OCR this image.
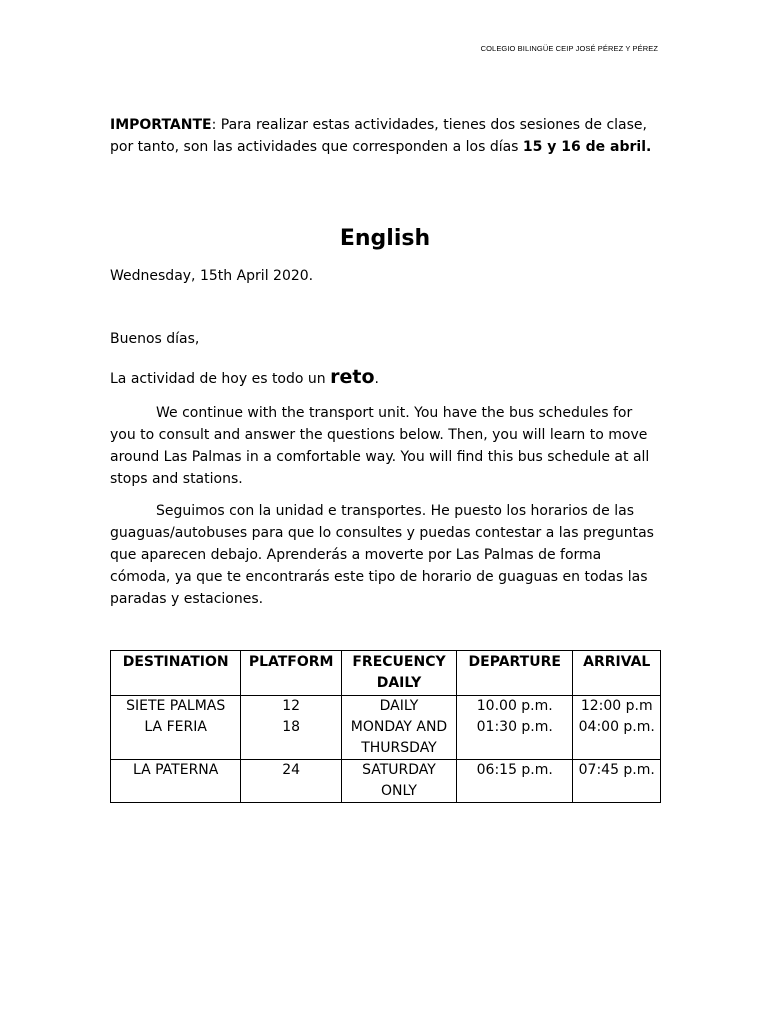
COLEGIO BILINGÜE CEIP JOSÉ PÉREZ Y PÉREZ
IMPORTANTE: Para realizar estas actividades, tienes dos sesiones de clase, por tanto, son las actividades que corresponden a los días 15 y 16 de abril.
English
Wednesday, 15th April 2020.
Buenos días,
La actividad de hoy es todo un reto.

We continue with the transport unit. You have the bus schedules for you to consult and answer the questions below. Then, you will learn to move around Las Palmas in a comfortable way. You will find this bus schedule at all stops and stations.

Seguimos con la unidad e transportes. He puesto los horarios de las guaguas/autobuses para que lo consultes y puedas contestar a las preguntas que aparecen debajo. Aprenderás a moverte por Las Palmas de forma cómoda, ya que te encontrarás este tipo de horario de guaguas en todas las paradas y estaciones.

DESTINATION	PLATFORM	FRECUENCY DAILY	DEPARTURE	ARRIVAL
SIETE PALMAS	12	DAILY	10.00 p.m.	12:00 p.m
LA FERIA	18	MONDAY AND THURSDAY	01:30 p.m.	04:00 p.m.
LA PATERNA	24	SATURDAY ONLY	06:15 p.m.	07:45 p.m.
